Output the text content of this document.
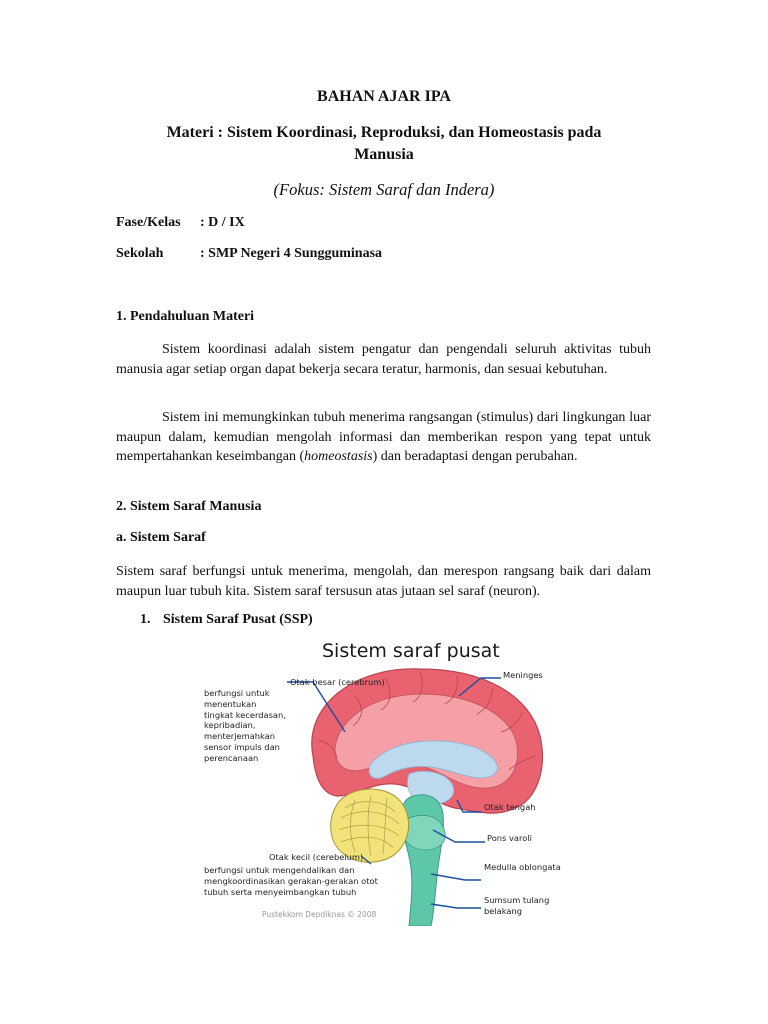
BAHAN AJAR IPA
Materi : Sistem Koordinasi, Reproduksi, dan Homeostasis pada
Manusia
(Fokus: Sistem Saraf dan Indera)
Fase/Kelas : D / IX
Sekolah	: SMP Negeri 4 Sungguminasa
1. Pendahuluan Materi
Sistem koordinasi adalah sistem pengatur dan pengendali seluruh aktivitas tubuh manusia agar setiap organ dapat bekerja secara teratur, harmonis, dan sesuai kebutuhan.
Sistem ini memungkinkan tubuh menerima rangsangan (stimulus) dari lingkungan luar maupun dalam, kemudian mengolah informasi dan memberikan respon yang tepat untuk mempertahankan keseimbangan (homeostasis) dan beradaptasi dengan perubahan.
2. Sistem Saraf Manusia
a. Sistem Saraf
Sistem saraf berfungsi untuk menerima, mengolah, dan merespon rangsang baik dari dalam maupun luar tubuh kita. Sistem saraf tersusun atas jutaan sel saraf (neuron).
1. Sistem Saraf Pusat (SSP)
Sistem saraf pusat
Otak besar (cerebrum)
Meninges
berfungsi untuk
menentukan
tingkat kecerdasan,
kepribadian,
menterjemahkan
sensor impuls dan
perencanaan
Otak tengah
Pons varoli
Otak kecil (cerebelum)
Medulla oblongata
berfungsi untuk mengendalikan dan
mengkoordinasikan gerakan-gerakan otot
tubuh serta menyeimbangkan tubuh
Sumsum tulang
belakang
Pustekkom Depdiknas © 2008
